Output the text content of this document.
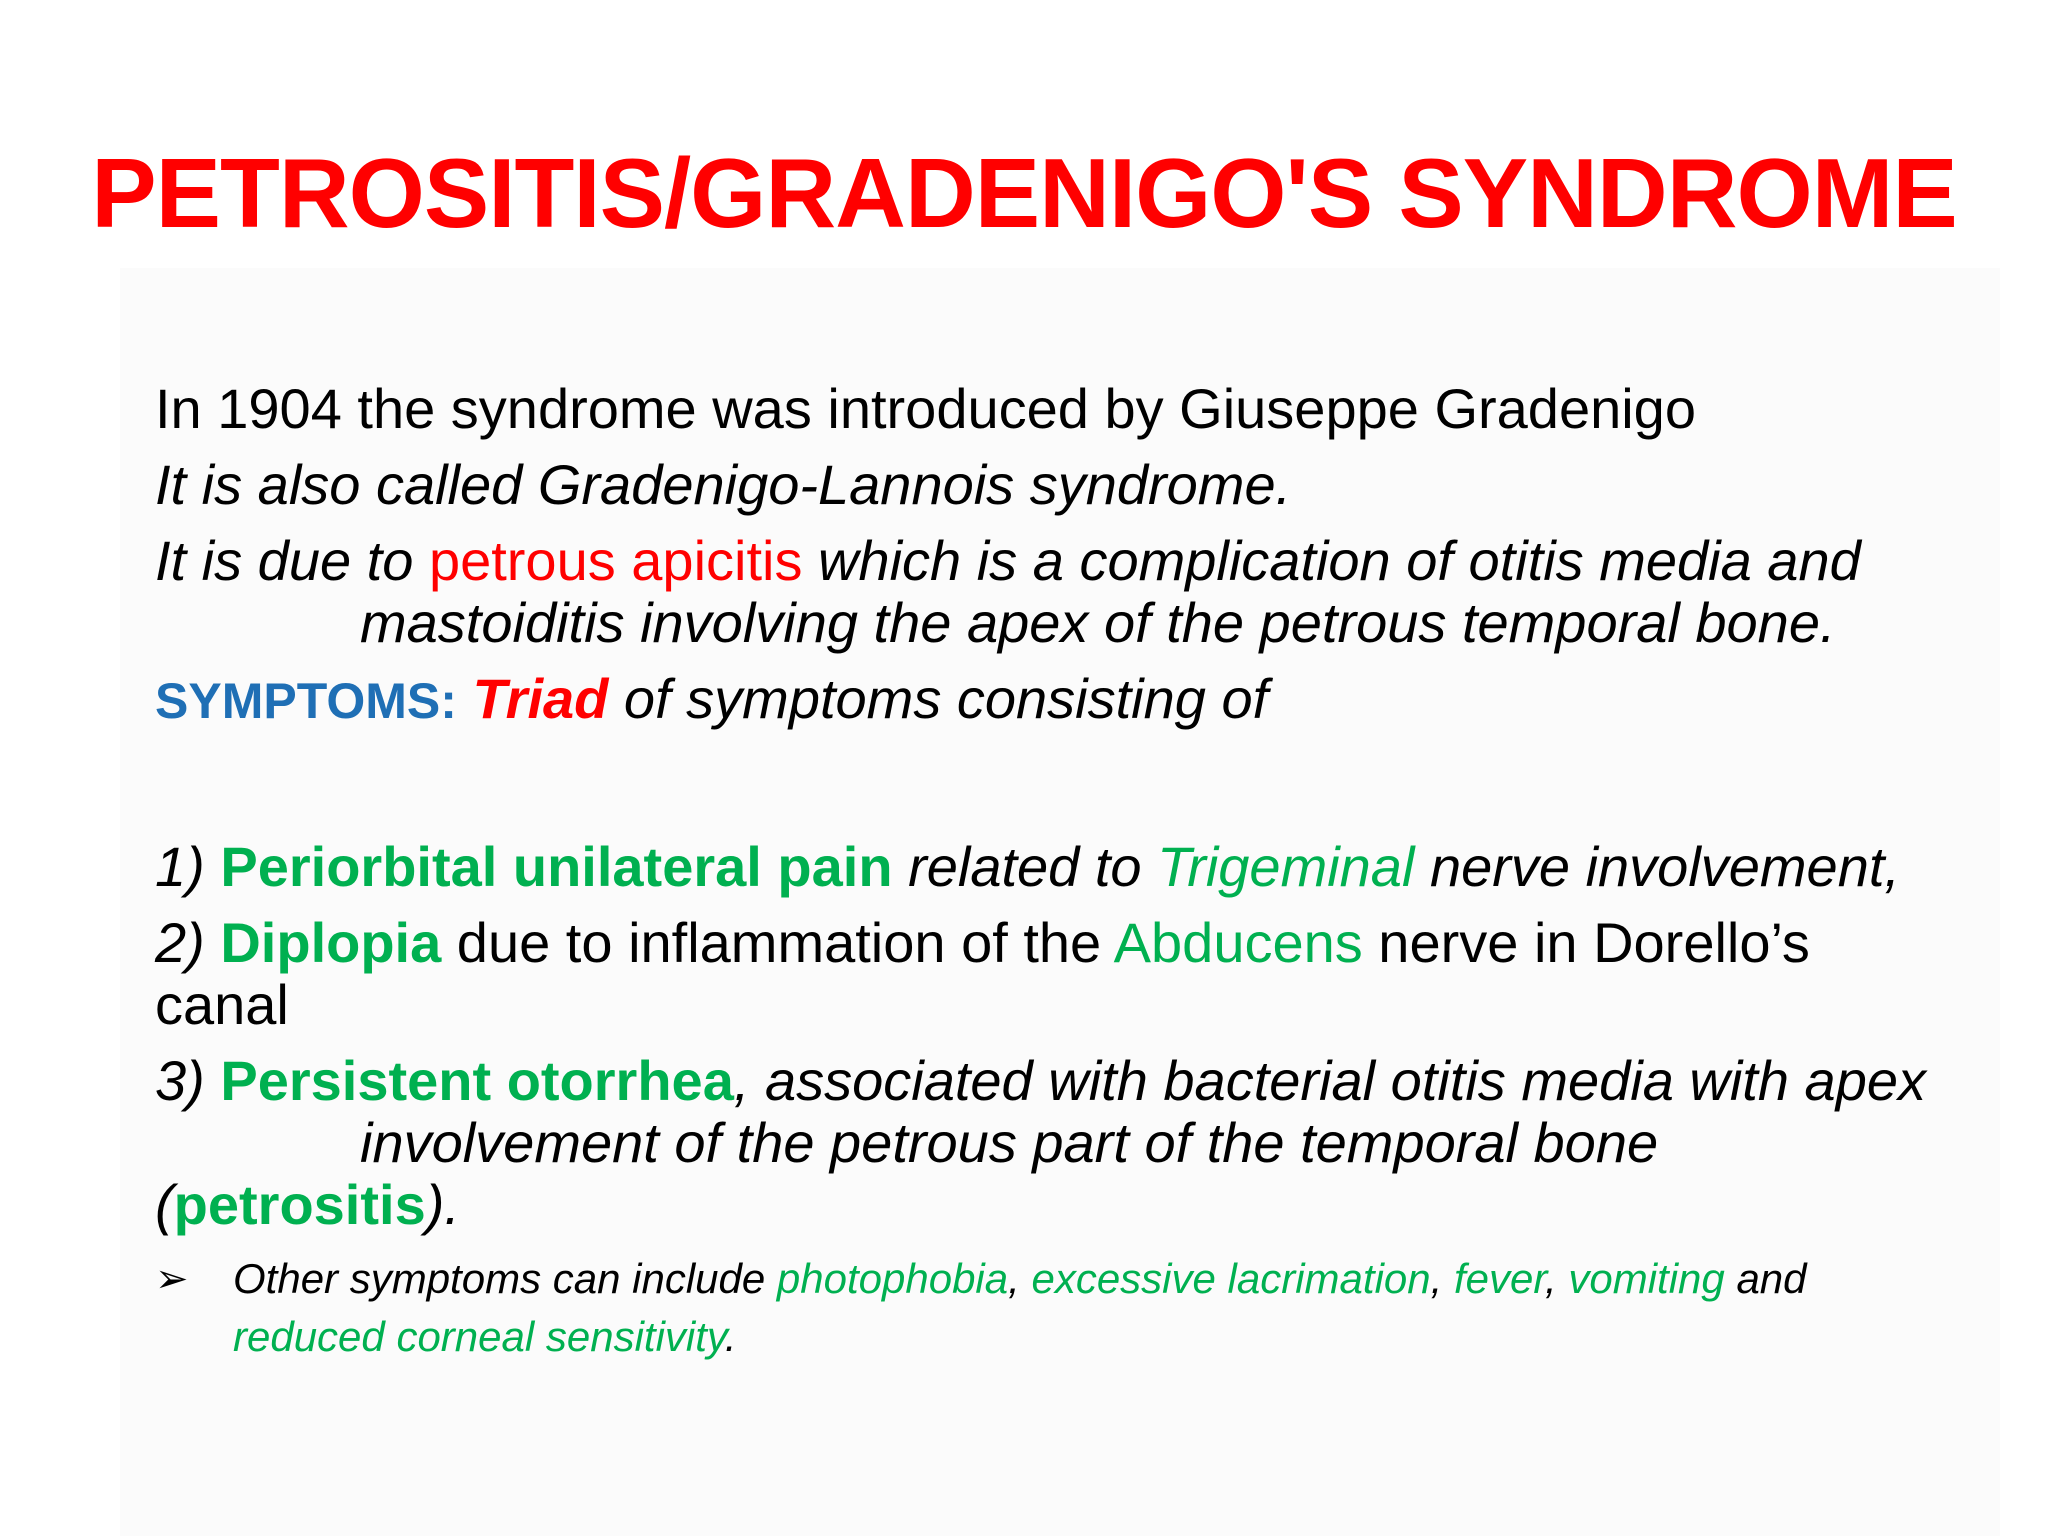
PETROSITIS/GRADENIGO'S SYNDROME
In 1904 the syndrome was introduced by Giuseppe Gradenigo
It is also called Gradenigo-Lannois syndrome.
It is due to petrous apicitis which is a complication of otitis media and
mastoiditis involving the apex of the petrous temporal bone.
SYMPTOMS: Triad of symptoms consisting of
1) Periorbital unilateral pain related to Trigeminal nerve involvement,
2) Diplopia due to inflammation of the Abducens nerve in Dorello’s
canal
3) Persistent otorrhea, associated with bacterial otitis media with apex
involvement of the petrous part of the temporal bone
(petrositis).
➢ Other symptoms can include photophobia, excessive lacrimation, fever, vomiting and
reduced corneal sensitivity.
